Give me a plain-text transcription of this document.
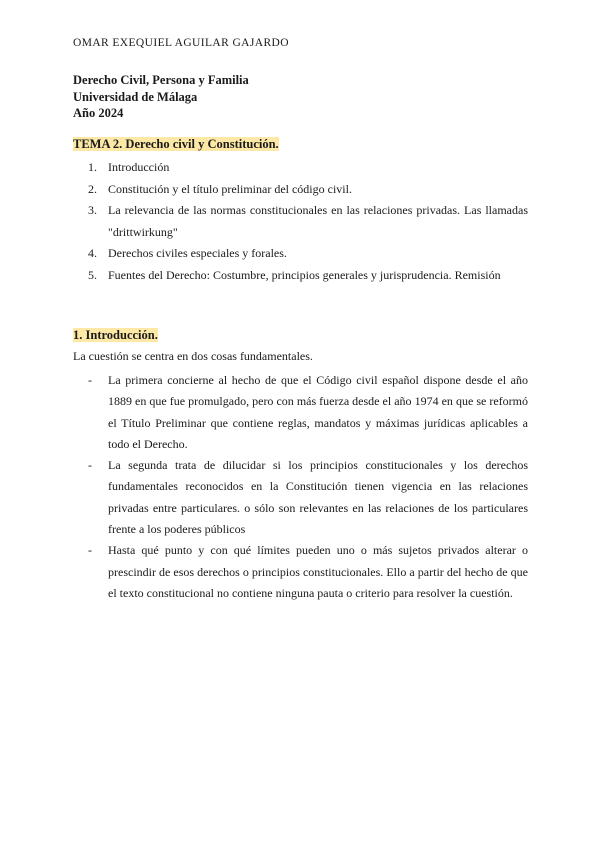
OMAR EXEQUIEL AGUILAR GAJARDO
Derecho Civil, Persona y Familia
Universidad de Málaga
Año 2024
TEMA 2. Derecho civil y Constitución.
1. Introducción
2. Constitución y el título preliminar del código civil.
3. La relevancia de las normas constitucionales en las relaciones privadas. Las llamadas "drittwirkung"
4. Derechos civiles especiales y forales.
5. Fuentes del Derecho: Costumbre, principios generales y jurisprudencia. Remisión
1. Introducción.
La cuestión se centra en dos cosas fundamentales.
-	La primera concierne al hecho de que el Código civil español dispone desde el año 1889 en que fue promulgado, pero con más fuerza desde el año 1974 en que se reformó el Título Preliminar que contiene reglas, mandatos y máximas jurídicas aplicables a todo el Derecho.
-	La segunda trata de dilucidar si los principios constitucionales y los derechos fundamentales reconocidos en la Constitución tienen vigencia en las relaciones privadas entre particulares. o sólo son relevantes en las relaciones de los particulares frente a los poderes públicos
-	Hasta qué punto y con qué límites pueden uno o más sujetos privados alterar o prescindir de esos derechos o principios constitucionales. Ello a partir del hecho de que el texto constitucional no contiene ninguna pauta o criterio para resolver la cuestión.
